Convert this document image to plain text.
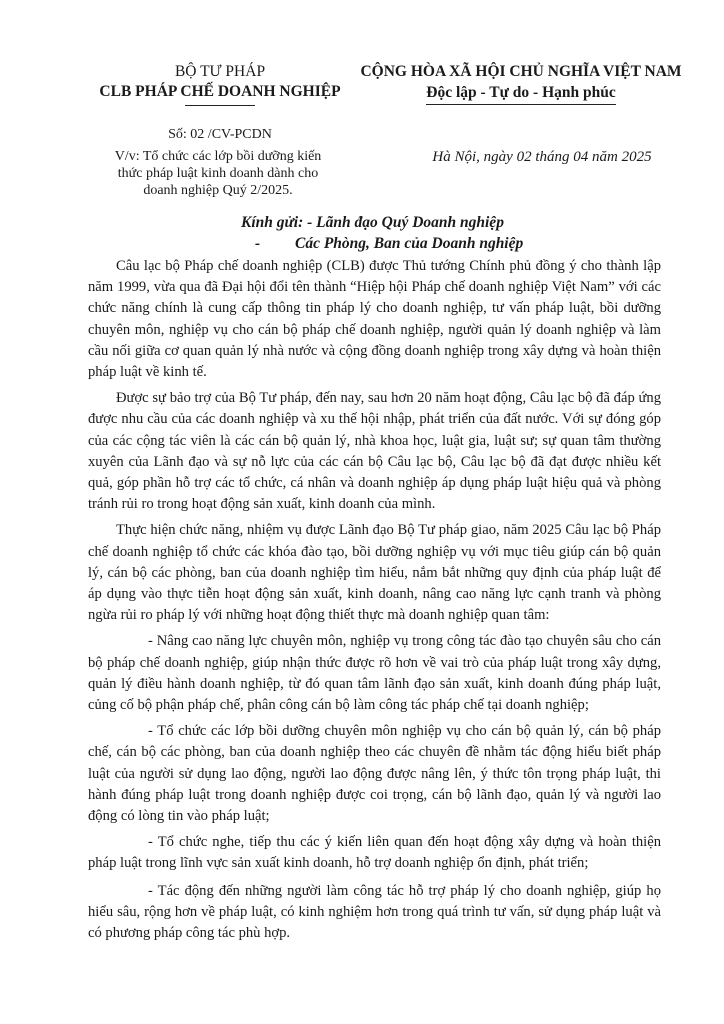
BỘ TƯ PHÁP

CLB PHÁP CHẾ DOANH NGHIỆP

CỘNG HÒA XÃ HỘI CHỦ NGHĨA VIỆT NAM

Độc lập - Tự do - Hạnh phúc

Số: 02 /CV-PCDN
V/v: Tổ chức các lớp bồi dưỡng kiến thức pháp luật kinh doanh dành cho doanh nghiệp Quý 2/2025.
Hà Nội, ngày 02 tháng 04 năm 2025
Kính gửi: - Lãnh đạo Quý Doanh nghiệp
- Các Phòng, Ban của Doanh nghiệp

Câu lạc bộ Pháp chế doanh nghiệp (CLB) được Thủ tướng Chính phủ đồng ý cho thành lập năm 1999, vừa qua đã Đại hội đổi tên thành “Hiệp hội Pháp chế doanh nghiệp Việt Nam” với các chức năng chính là cung cấp thông tin pháp lý cho doanh nghiệp, tư vấn pháp luật, bồi dưỡng chuyên môn, nghiệp vụ cho cán bộ pháp chế doanh nghiệp, người quản lý doanh nghiệp và làm cầu nối giữa cơ quan quản lý nhà nước và cộng đồng doanh nghiệp trong xây dựng và hoàn thiện pháp luật về kinh tế.

Được sự bảo trợ của Bộ Tư pháp, đến nay, sau hơn 20 năm hoạt động, Câu lạc bộ đã đáp ứng được nhu cầu của các doanh nghiệp và xu thế hội nhập, phát triển của đất nước. Với sự đóng góp của các cộng tác viên là các cán bộ quản lý, nhà khoa học, luật gia, luật sư; sự quan tâm thường xuyên của Lãnh đạo và sự nỗ lực của các cán bộ Câu lạc bộ, Câu lạc bộ đã đạt được nhiều kết quả, góp phần hỗ trợ các tổ chức, cá nhân và doanh nghiệp áp dụng pháp luật hiệu quả và phòng tránh rủi ro trong hoạt động sản xuất, kinh doanh của mình.

Thực hiện chức năng, nhiệm vụ được Lãnh đạo Bộ Tư pháp giao, năm 2025 Câu lạc bộ Pháp chế doanh nghiệp tổ chức các khóa đào tạo, bồi dưỡng nghiệp vụ với mục tiêu giúp cán bộ quản lý, cán bộ các phòng, ban của doanh nghiệp tìm hiểu, nắm bắt những quy định của pháp luật để áp dụng vào thực tiễn hoạt động sản xuất, kinh doanh, nâng cao năng lực cạnh tranh và phòng ngừa rủi ro pháp lý với những hoạt động thiết thực mà doanh nghiệp quan tâm:

- Nâng cao năng lực chuyên môn, nghiệp vụ trong công tác đào tạo chuyên sâu cho cán bộ pháp chế doanh nghiệp, giúp nhận thức được rõ hơn về vai trò của pháp luật trong xây dựng, quản lý điều hành doanh nghiệp, từ đó quan tâm lãnh đạo sản xuất, kinh doanh đúng pháp luật, củng cố bộ phận pháp chế, phân công cán bộ làm công tác pháp chế tại doanh nghiệp;

- Tổ chức các lớp bồi dưỡng chuyên môn nghiệp vụ cho cán bộ quản lý, cán bộ pháp chế, cán bộ các phòng, ban của doanh nghiệp theo các chuyên đề nhằm tác động hiểu biết pháp luật của người sử dụng lao động, người lao động được nâng lên, ý thức tôn trọng pháp luật, thi hành đúng pháp luật trong doanh nghiệp được coi trọng, cán bộ lãnh đạo, quản lý và người lao động có lòng tin vào pháp luật;

- Tổ chức nghe, tiếp thu các ý kiến liên quan đến hoạt động xây dựng và hoàn thiện pháp luật trong lĩnh vực sản xuất kinh doanh, hỗ trợ doanh nghiệp ổn định, phát triển;

- Tác động đến những người làm công tác hỗ trợ pháp lý cho doanh nghiệp, giúp họ hiểu sâu, rộng hơn về pháp luật, có kinh nghiệm hơn trong quá trình tư vấn, sử dụng pháp luật và có phương pháp công tác phù hợp.
